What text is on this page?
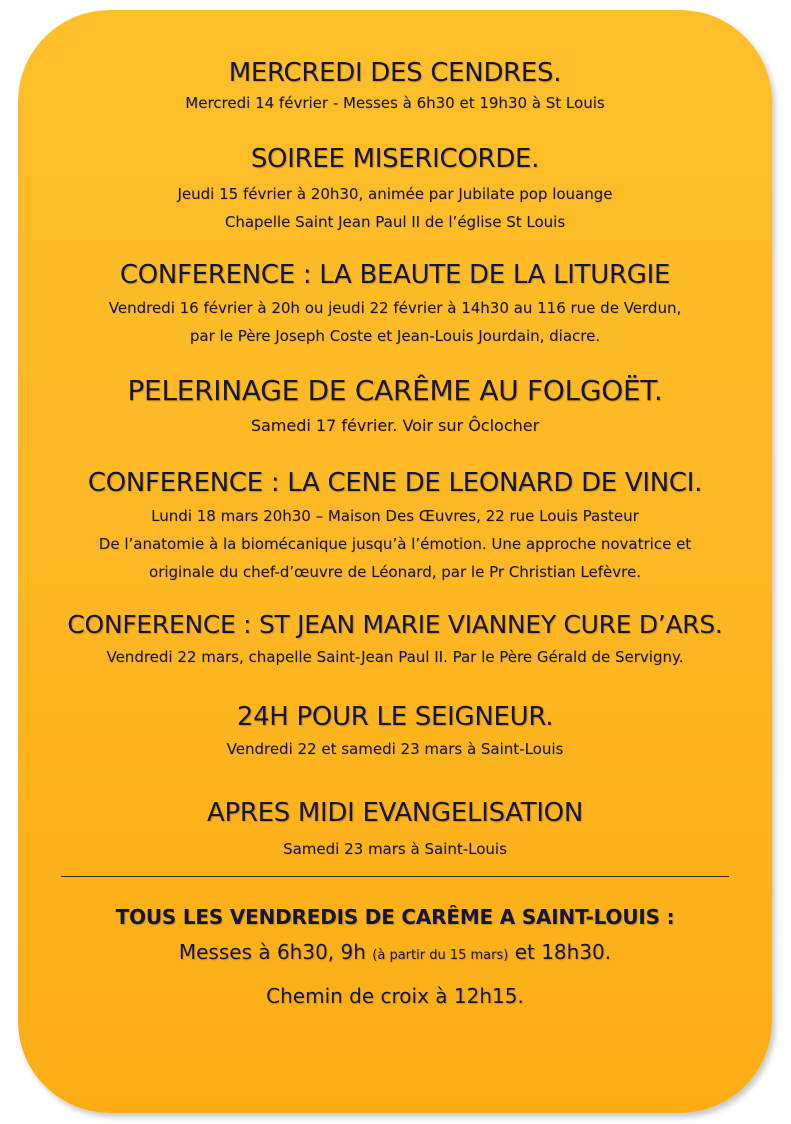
MERCREDI DES CENDRES.

Mercredi 14 février - Messes à 6h30 et 19h30 à St Louis

SOIREE MISERICORDE.

Jeudi 15 février à 20h30, animée par Jubilate pop louange

Chapelle Saint Jean Paul II de l’église St Louis

CONFERENCE : LA BEAUTE DE LA LITURGIE

Vendredi 16 février à 20h ou jeudi 22 février à 14h30 au 116 rue de Verdun,

par le Père Joseph Coste et Jean-Louis Jourdain, diacre.

PELERINAGE DE CARÊME AU FOLGOËT.

Samedi 17 février. Voir sur Ôclocher

CONFERENCE : LA CENE DE LEONARD DE VINCI.

Lundi 18 mars 20h30 – Maison Des Œuvres, 22 rue Louis Pasteur

De l’anatomie à la biomécanique jusqu’à l’émotion. Une approche novatrice et

originale du chef-d’œuvre de Léonard, par le Pr Christian Lefèvre.

CONFERENCE : ST JEAN MARIE VIANNEY CURE D’ARS.

Vendredi 22 mars, chapelle Saint-Jean Paul II. Par le Père Gérald de Servigny.

24H POUR LE SEIGNEUR.

Vendredi 22 et samedi 23 mars à Saint-Louis

APRES MIDI EVANGELISATION

Samedi 23 mars à Saint-Louis

TOUS LES VENDREDIS DE CARÊME A SAINT-LOUIS :

Messes à 6h30, 9h (à partir du 15 mars) et 18h30.

Chemin de croix à 12h15.
